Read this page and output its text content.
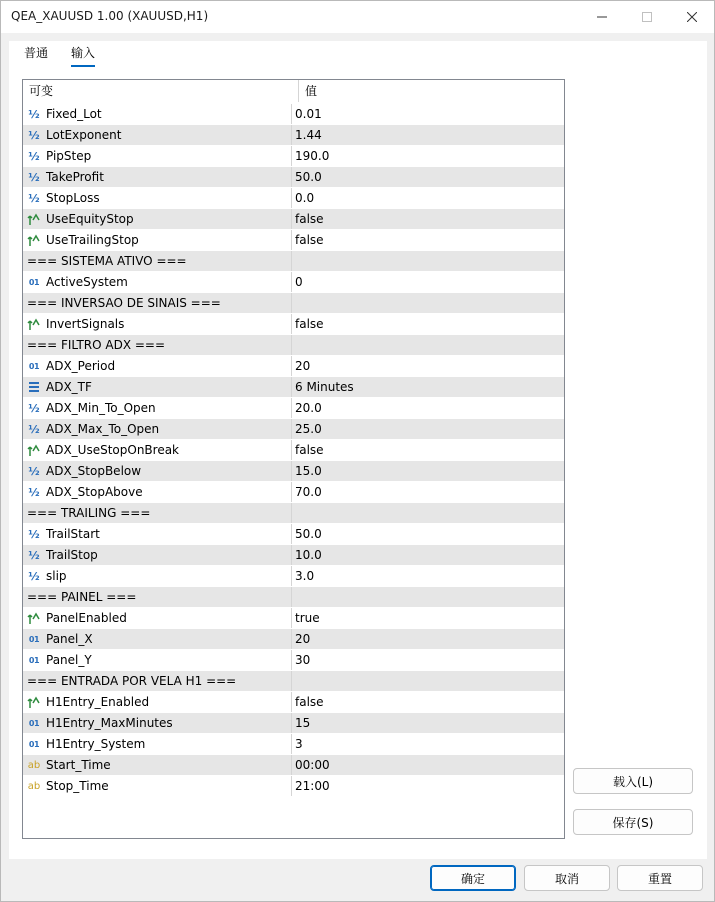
QEA_XAUUSD 1.00 (XAUUSD,H1)
普通 输入
可变	值
½ Fixed_Lot	0.01
½ LotExponent	1.44
½ PipStep	190.0
½ TakeProfit	50.0
½ StopLoss	0.0
UseEquityStop	false
UseTrailingStop	false
=== SISTEMA ATIVO ===
01 ActiveSystem	0
=== INVERSAO DE SINAIS ===
InvertSignals	false
=== FILTRO ADX ===
01 ADX_Period	20
ADX_TF	6 Minutes
½ ADX_Min_To_Open	20.0
½ ADX_Max_To_Open	25.0
ADX_UseStopOnBreak	false
½ ADX_StopBelow	15.0
½ ADX_StopAbove	70.0
=== TRAILING ===
½ TrailStart	50.0
½ TrailStop	10.0
½ slip	3.0
=== PAINEL ===
PanelEnabled	true
01 Panel_X	20
01 Panel_Y	30
=== ENTRADA POR VELA H1 ===
H1Entry_Enabled	false
01 H1Entry_MaxMinutes	15
01 H1Entry_System	3
ab Start_Time	00:00
ab Stop_Time	21:00	载入(L)
保存(S)
确定	取消	重置
